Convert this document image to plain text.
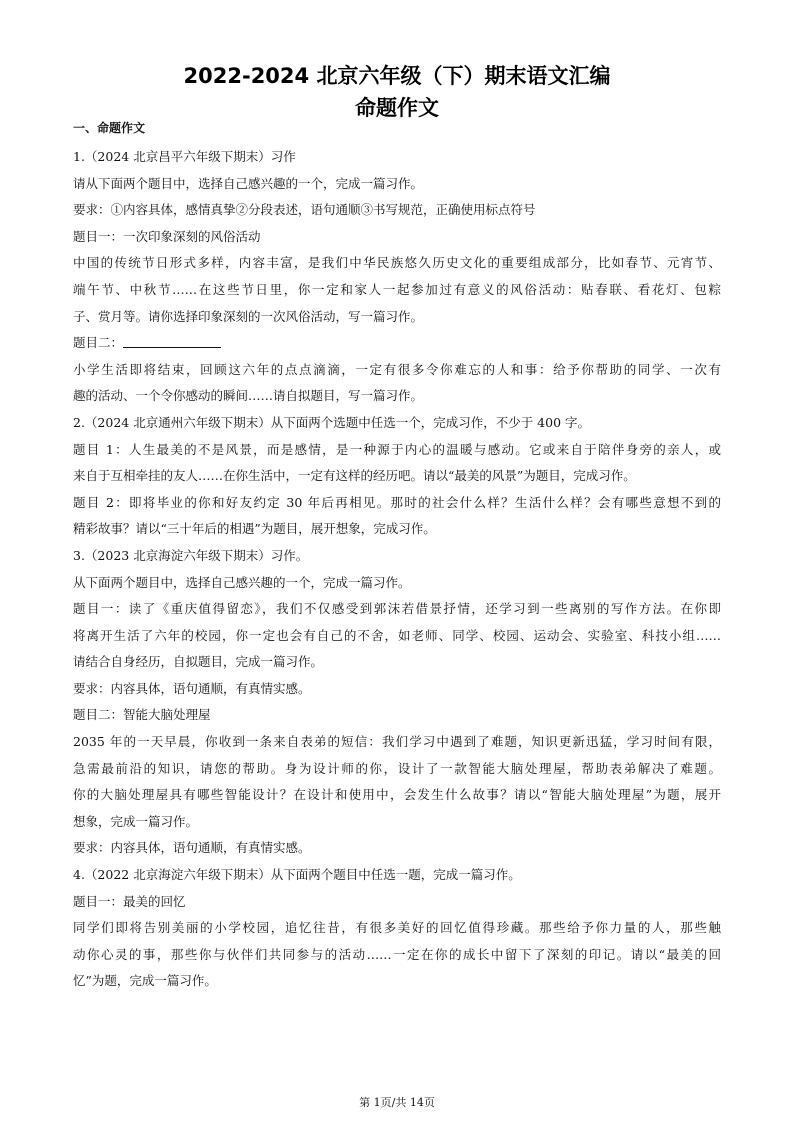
2022-2024 北京六年级（下）期末语文汇编
命题作文
一、命题作文
1.（2024 北京昌平六年级下期末）习作
请从下面两个题目中，选择自己感兴趣的一个，完成一篇习作。
要求：①内容具体，感情真挚②分段表述，语句通顺③书写规范，正确使用标点符号
题目一：一次印象深刻的风俗活动
中国的传统节日形式多样，内容丰富，是我们中华民族悠久历史文化的重要组成部分，比如春节、元宵节、
端午节、中秋节……在这些节日里，你一定和家人一起参加过有意义的风俗活动：贴春联、看花灯、包粽
子、赏月等。请你选择印象深刻的一次风俗活动，写一篇习作。
题目二：
小学生活即将结束，回顾这六年的点点滴滴，一定有很多令你难忘的人和事：给予你帮助的同学、一次有
趣的活动、一个令你感动的瞬间……请自拟题目，写一篇习作。
2.（2024 北京通州六年级下期末）从下面两个选题中任选一个，完成习作，不少于 400 字。
题目 1：人生最美的不是风景，而是感情，是一种源于内心的温暖与感动。它或来自于陪伴身旁的亲人，或
来自于互相牵挂的友人……在你生活中，一定有这样的经历吧。请以“最美的风景”为题目，完成习作。
题目 2：即将毕业的你和好友约定 30 年后再相见。那时的社会什么样？生活什么样？会有哪些意想不到的
精彩故事？请以“三十年后的相遇”为题目，展开想象，完成习作。
3.（2023 北京海淀六年级下期末）习作。
从下面两个题目中，选择自己感兴趣的一个，完成一篇习作。
题目一：读了《重庆值得留恋》，我们不仅感受到郭沫若借景抒情，还学习到一些离别的写作方法。在你即
将离开生活了六年的校园，你一定也会有自己的不舍，如老师、同学、校园、运动会、实验室、科技小组……
请结合自身经历，自拟题目，完成一篇习作。
要求：内容具体，语句通顺，有真情实感。
题目二：智能大脑处理屋
2035 年的一天早晨，你收到一条来自表弟的短信：我们学习中遇到了难题，知识更新迅猛，学习时间有限，
急需最前沿的知识，请您的帮助。身为设计师的你，设计了一款智能大脑处理屋，帮助表弟解决了难题。
你的大脑处理屋具有哪些智能设计？在设计和使用中，会发生什么故事？请以“智能大脑处理屋”为题，展开
想象，完成一篇习作。
要求：内容具体，语句通顺，有真情实感。
4.（2022 北京海淀六年级下期末）从下面两个题目中任选一题，完成一篇习作。
题目一：最美的回忆
同学们即将告别美丽的小学校园，追忆往昔，有很多美好的回忆值得珍藏。那些给予你力量的人，那些触
动你心灵的事，那些你与伙伴们共同参与的活动……一定在你的成长中留下了深刻的印记。请以“最美的回
忆”为题，完成一篇习作。
第 1页/共 14页
